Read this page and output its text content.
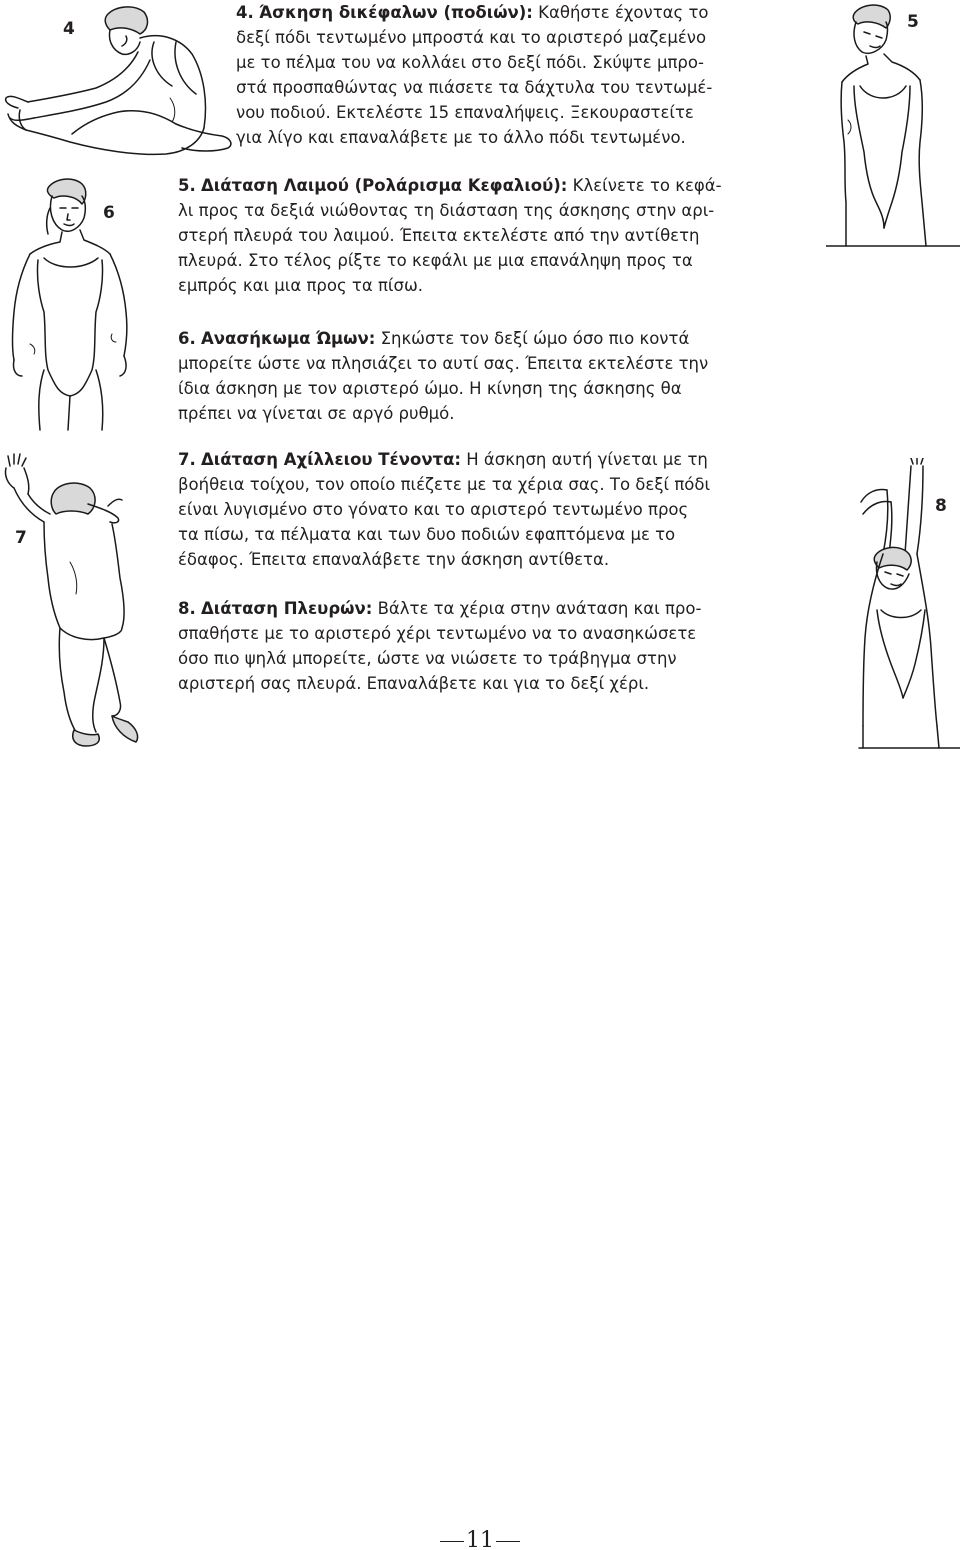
4
6
5
7
8
4. Άσκηση δικέφαλων (ποδιών): Καθήστε έχοντας το
δεξί πόδι τεντωμένο μπροστά και το αριστερό μαζεμένο
με το πέλμα του να κολλάει στο δεξί πόδι. Σκύψτε μπρο-
στά προσπαθώντας να πιάσετε τα δάχτυλα του τεντωμέ-
νου ποδιού. Εκτελέστε 15 επαναλήψεις. Ξεκουραστείτε
για λίγο και επαναλάβετε με το άλλο πόδι τεντωμένο.
5. Διάταση Λαιμού (Ρολάρισμα Κεφαλιού): Κλείνετε το κεφά-
λι προς τα δεξιά νιώθοντας τη διάσταση της άσκησης στην αρι-
στερή πλευρά του λαιμού. Έπειτα εκτελέστε από την αντίθετη
πλευρά. Στο τέλος ρίξτε το κεφάλι με μια επανάληψη προς τα
εμπρός και μια προς τα πίσω.
6. Ανασήκωμα Ώμων: Σηκώστε τον δεξί ώμο όσο πιο κοντά
μπορείτε ώστε να πλησιάζει το αυτί σας. Έπειτα εκτελέστε την
ίδια άσκηση με τον αριστερό ώμο. Η κίνηση της άσκησης θα
πρέπει να γίνεται σε αργό ρυθμό.
7. Διάταση Αχίλλειου Τένοντα: Η άσκηση αυτή γίνεται με τη
βοήθεια τοίχου, τον οποίο πιέζετε με τα χέρια σας. Το δεξί πόδι
είναι λυγισμένο στο γόνατο και το αριστερό τεντωμένο προς
τα πίσω, τα πέλματα και των δυο ποδιών εφαπτόμενα με το
έδαφος. Έπειτα επαναλάβετε την άσκηση αντίθετα.
8. Διάταση Πλευρών: Βάλτε τα χέρια στην ανάταση και προ-
σπαθήστε με το αριστερό χέρι τεντωμένο να το ανασηκώσετε
όσο πιο ψηλά μπορείτε, ώστε να νιώσετε το τράβηγμα στην
αριστερή σας πλευρά. Επαναλάβετε και για το δεξί χέρι.
11
